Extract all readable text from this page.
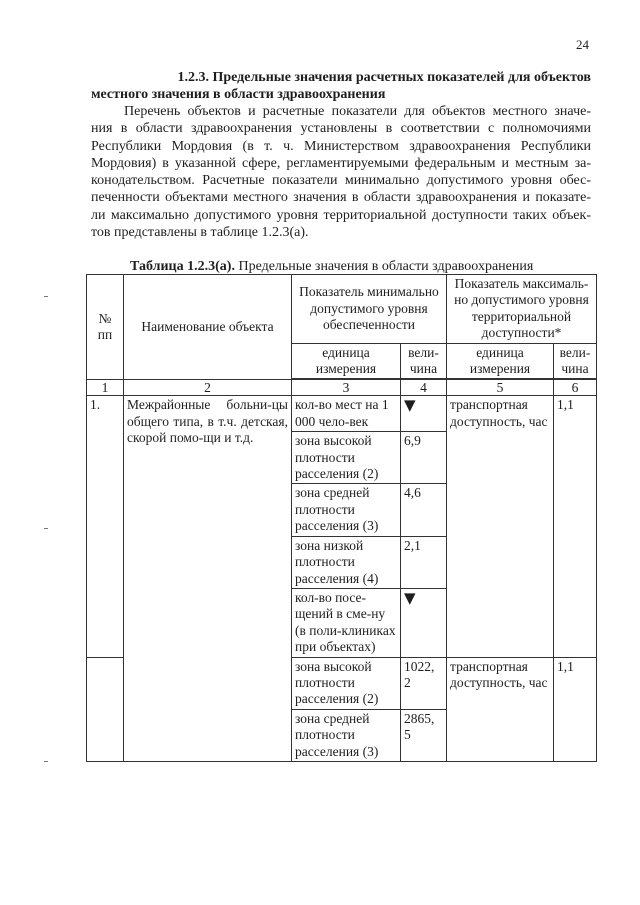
24
1.2.3. Предельные значения расчетных показателей для объектов
местного значения в области здравоохранения
Перечень объектов и расчетные показатели для объектов местного значе-
ния в области здравоохранения установлены в соответствии с полномочиями
Республики Мордовия (в т. ч. Министерством здравоохранения Республики
Мордовия) в указанной сфере, регламентируемыми федеральным и местным за-
конодательством. Расчетные показатели минимально допустимого уровня обес-
печенности объектами местного значения в области здравоохранения и показате-
ли максимально допустимого уровня территориальной доступности таких объек-
тов представлены в таблице 1.2.3(а).
Таблица 1.2.3(а). Предельные значения в области здравоохранения
№ пп	Наименование объекта	Показатель минимально допустимого уровня обеспеченности		Показатель максималь-но допустимого уровня территориальной доступности*	
		единица измерения	вели-чина	единица измерения	вели-чина
1	2	3	4	5	6
1.	Межрайонные больни-цы общего типа, в т.ч. детская, скорой помо-щи и т.д.	кол-во мест на 1 000 чело-век	▼	транспортная доступность, час	1,1
		зона высокой плотности расселения (2)	6,9		
		зона средней плотности расселения (3)	4,6		
		зона низкой плотности расселения (4)	2,1		
		кол-во посе-щений в сме-ну (в поли-клиниках при объектах)	▼		
		зона высокой плотности расселения (2)	1022, 2	транспортная доступность, час	1,1
		зона средней плотности расселения (3)	2865, 5		
